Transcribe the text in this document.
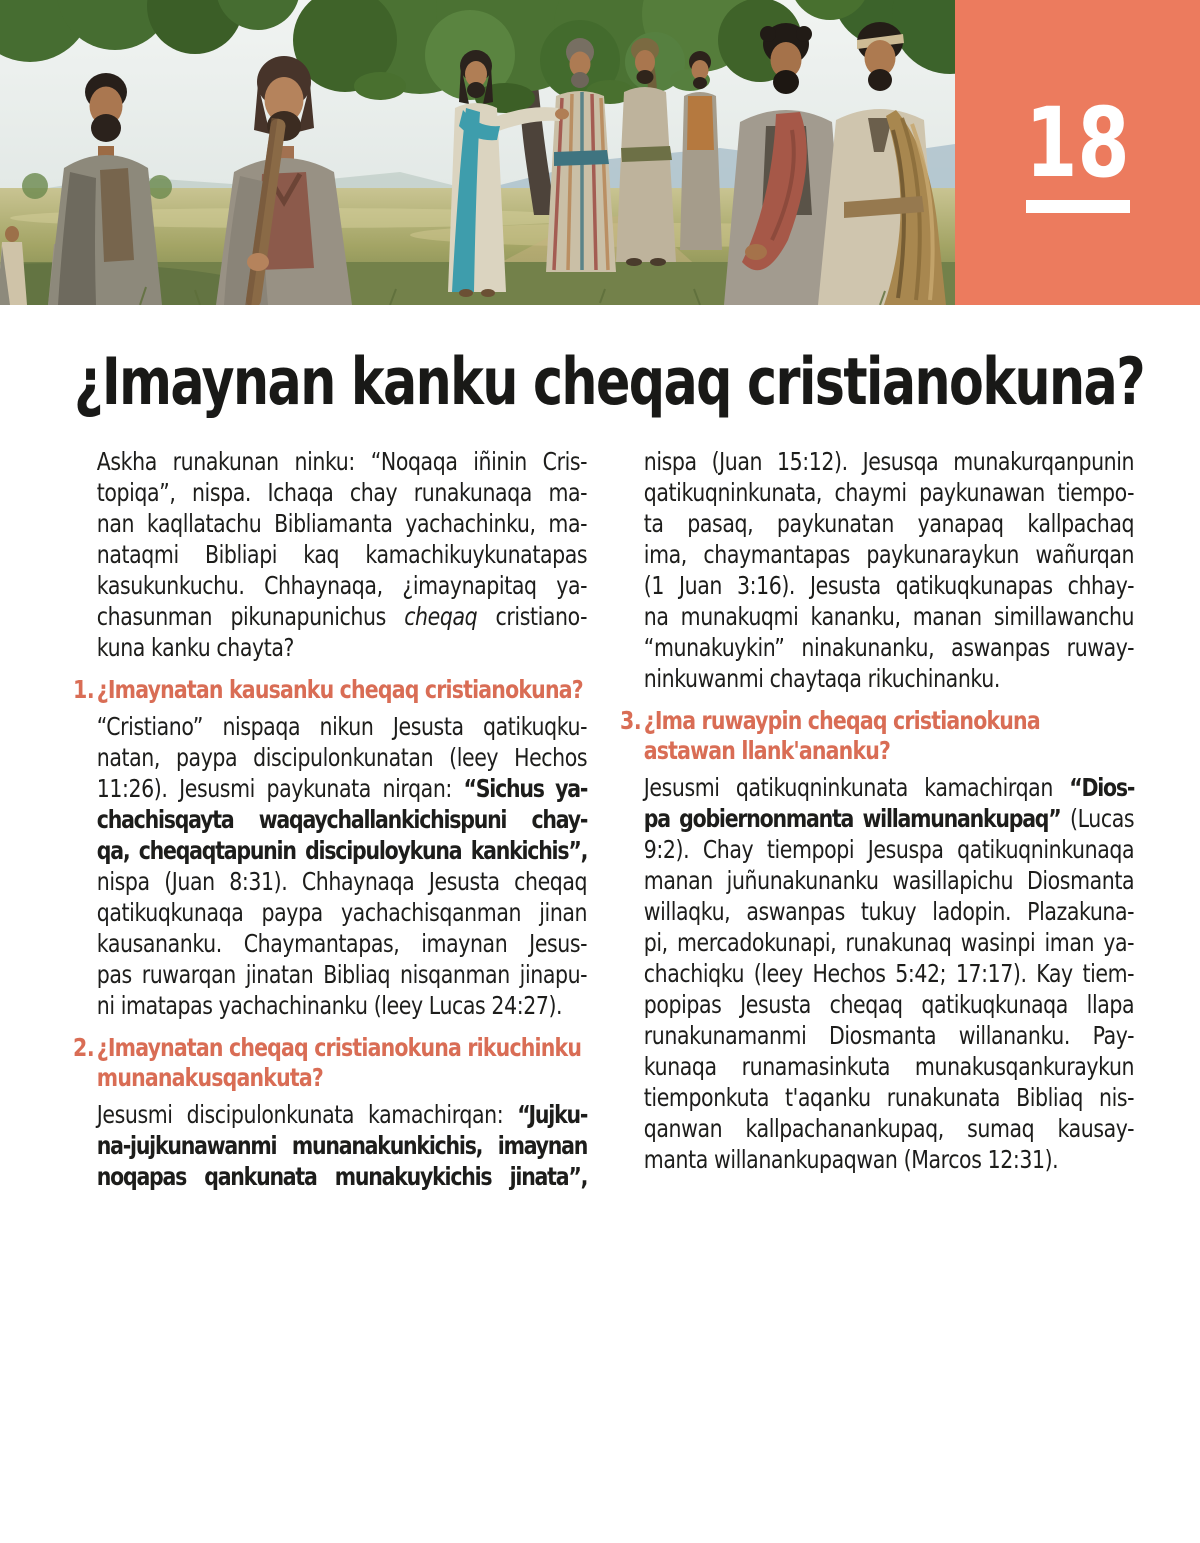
18
¿Imaynan kanku cheqaq cristianokuna?
Askha runakunan ninku: “Noqaqa iñinin Cris-
topiqa”, nispa. Ichaqa chay runakunaqa ma-
nan kaqllatachu Bibliamanta yachachinku, ma-
nataqmi Bibliapi kaq kamachikuykunatapas
kasukunkuchu. Chhaynaqa, ¿imaynapitaq ya-
chasunman pikunapunichus cheqaq cristiano-
kuna kanku chayta?
1. ¿Imaynatan kausanku cheqaq cristianokuna?
“Cristiano” nispaqa nikun Jesusta qatikuqku-
natan, paypa discipulonkunatan (leey Hechos
11:26). Jesusmi paykunata nirqan: “Sichus ya-
chachisqayta waqaychallankichispuni chay-
qa, cheqaqtapunin discipuloykuna kankichis”,
nispa (Juan 8:31). Chhaynaqa Jesusta cheqaq
qatikuqkunaqa paypa yachachisqanman jinan
kausananku. Chaymantapas, imaynan Jesus-
pas ruwarqan jinatan Bibliaq nisqanman jinapu-
ni imatapas yachachinanku (leey Lucas 24:27).
2. ¿Imaynatan cheqaq cristianokuna rikuchinku
munanakusqankuta?
Jesusmi discipulonkunata kamachirqan: “Jujku-
na-jujkunawanmi munanakunkichis, imaynan
noqapas qankunata munakuykichis jinata”,
nispa (Juan 15:12). Jesusqa munakurqanpunin
qatikuqninkunata, chaymi paykunawan tiempo-
ta pasaq, paykunatan yanapaq kallpachaq
ima, chaymantapas paykunaraykun wañurqan
(1 Juan 3:16). Jesusta qatikuqkunapas chhay-
na munakuqmi kananku, manan simillawanchu
“munakuykin” ninakunanku, aswanpas ruway-
ninkuwanmi chaytaqa rikuchinanku.
3. ¿Ima ruwaypin cheqaq cristianokuna
astawan llank'ananku?
Jesusmi qatikuqninkunata kamachirqan “Dios-
pa gobiernonmanta willamunankupaq” (Lucas
9:2). Chay tiempopi Jesuspa qatikuqninkunaqa
manan juñunakunanku wasillapichu Diosmanta
willaqku, aswanpas tukuy ladopin. Plazakuna-
pi, mercadokunapi, runakunaq wasinpi iman ya-
chachiqku (leey Hechos 5:42; 17:17). Kay tiem-
popipas Jesusta cheqaq qatikuqkunaqa llapa
runakunamanmi Diosmanta willananku. Pay-
kunaqa runamasinkuta munakusqankuraykun
tiemponkuta t'aqanku runakunata Bibliaq nis-
qanwan kallpachanankupaq, sumaq kausay-
manta willanankupaqwan (Marcos 12:31).
